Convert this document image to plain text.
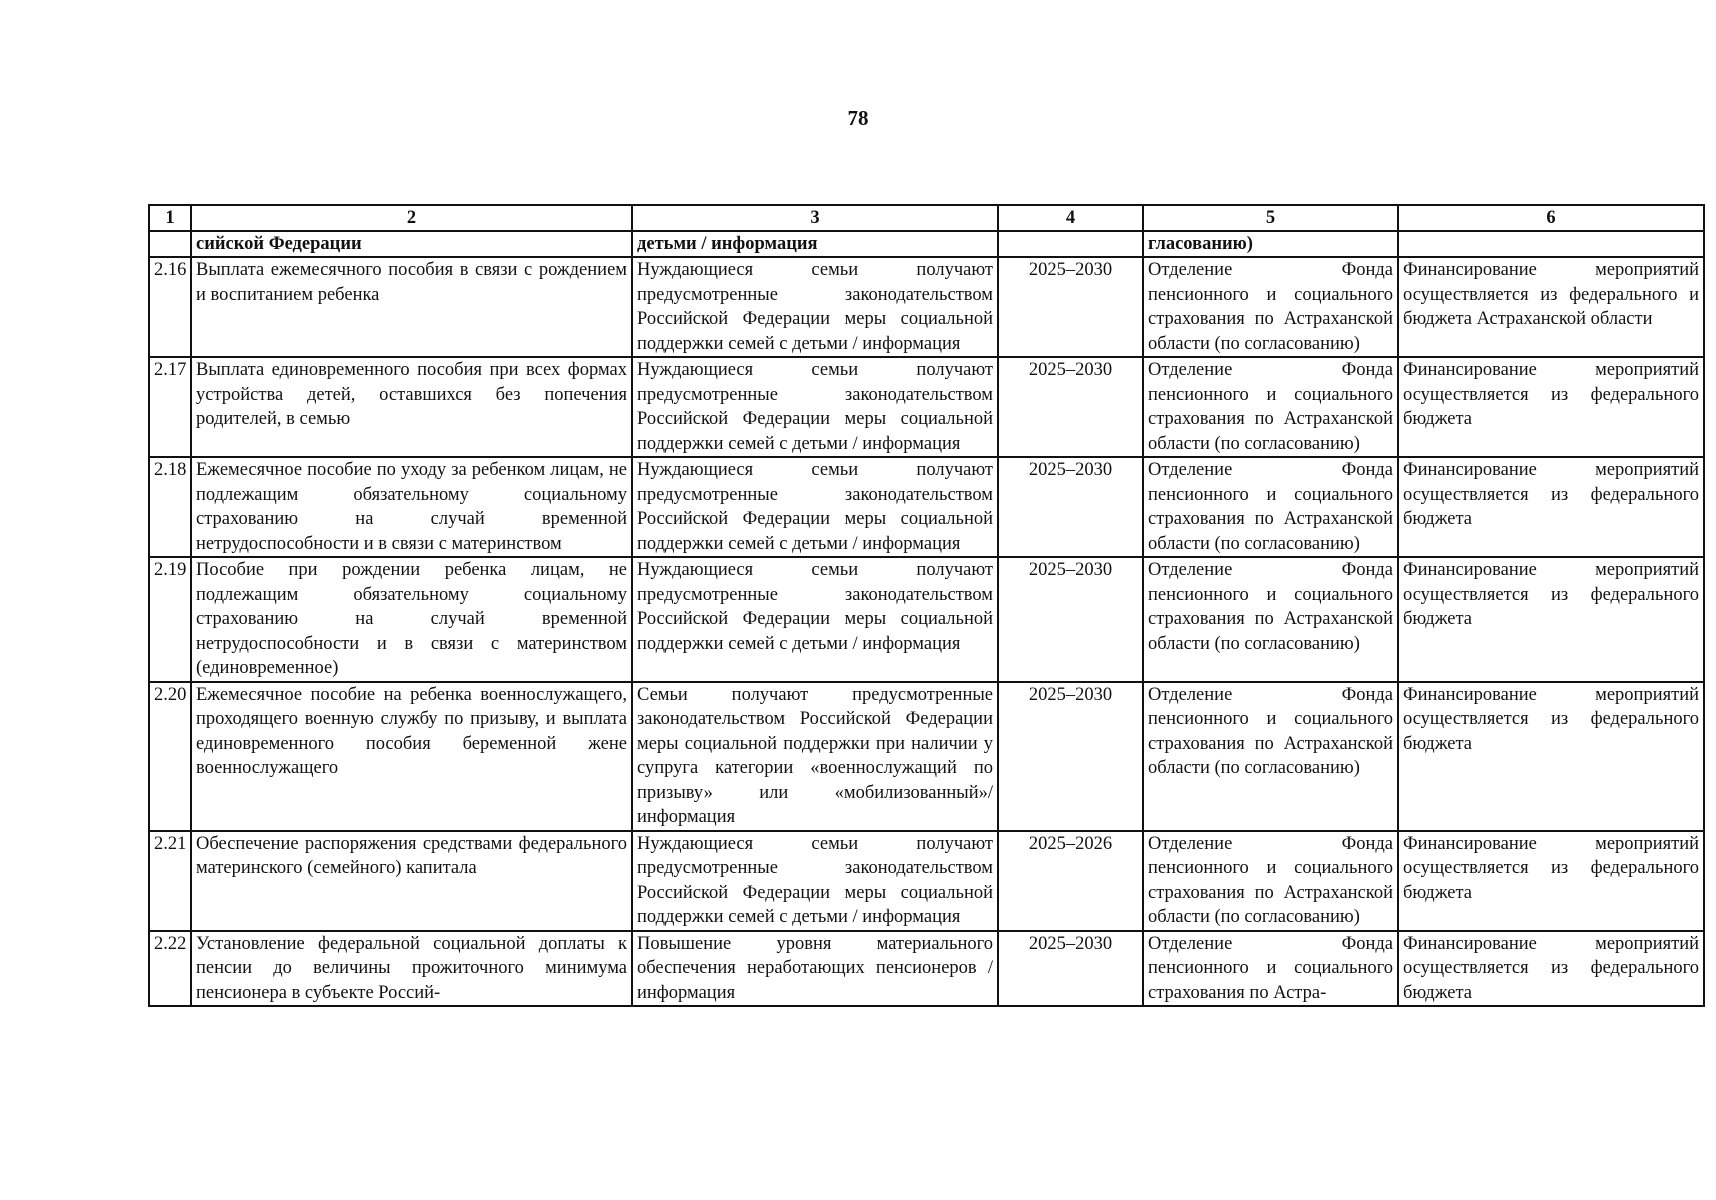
78
1	2	3	4	5	6
	сийской Федерации	детьми / информация		гласованию)	
2.16	Выплата ежемесячного пособия в связи с рождением и воспитанием ребенка	Нуждающиеся семьи получают предусмотренные законодательством Российской Федерации меры социальной поддержки семей с детьми / информация	2025–2030	Отделение Фонда пенсионного и социального страхования по Астраханской области (по согласованию)	Финансирование мероприятий осуществляется из федерального и бюджета Астраханской области
2.17	Выплата единовременного пособия при всех формах устройства детей, оставшихся без попечения родителей, в семью	Нуждающиеся семьи получают предусмотренные законодательством Российской Федерации меры социальной поддержки семей с детьми / информация	2025–2030	Отделение Фонда пенсионного и социального страхования по Астраханской области (по согласованию)	Финансирование мероприятий осуществляется из федерального бюджета
2.18	Ежемесячное пособие по уходу за ребенком лицам, не подлежащим обязательному социальному страхованию на случай временной нетрудоспособности и в связи с материнством	Нуждающиеся семьи получают предусмотренные законодательством Российской Федерации меры социальной поддержки семей с детьми / информация	2025–2030	Отделение Фонда пенсионного и социального страхования по Астраханской области (по согласованию)	Финансирование мероприятий осуществляется из федерального бюджета
2.19	Пособие при рождении ребенка лицам, не подлежащим обязательному социальному страхованию на случай временной нетрудоспособности и в связи с материнством (единовременное)	Нуждающиеся семьи получают предусмотренные законодательством Российской Федерации меры социальной поддержки семей с детьми / информация	2025–2030	Отделение Фонда пенсионного и социального страхования по Астраханской области (по согласованию)	Финансирование мероприятий осуществляется из федерального бюджета
2.20	Ежемесячное пособие на ребенка военнослужащего, проходящего военную службу по призыву, и выплата единовременного пособия беременной жене военнослужащего	Семьи получают предусмотренные законодательством Российской Федерации меры социальной поддержки при наличии у супруга категории «военнослужащий по призыву» или «мобилизованный»/ информация	2025–2030	Отделение Фонда пенсионного и социального страхования по Астраханской области (по согласованию)	Финансирование мероприятий осуществляется из федерального бюджета
2.21	Обеспечение распоряжения средствами федерального материнского (семейного) капитала	Нуждающиеся семьи получают предусмотренные законодательством Российской Федерации меры социальной поддержки семей с детьми / информация	2025–2026	Отделение Фонда пенсионного и социального страхования по Астраханской области (по согласованию)	Финансирование мероприятий осуществляется из федерального бюджета
2.22	Установление федеральной социальной доплаты к пенсии до величины прожиточного минимума пенсионера в субъекте Россий-	Повышение уровня материального обеспечения неработающих пенсионеров / информация	2025–2030	Отделение Фонда пенсионного и социального страхования по Астра-	Финансирование мероприятий осуществляется из федерального бюджета
